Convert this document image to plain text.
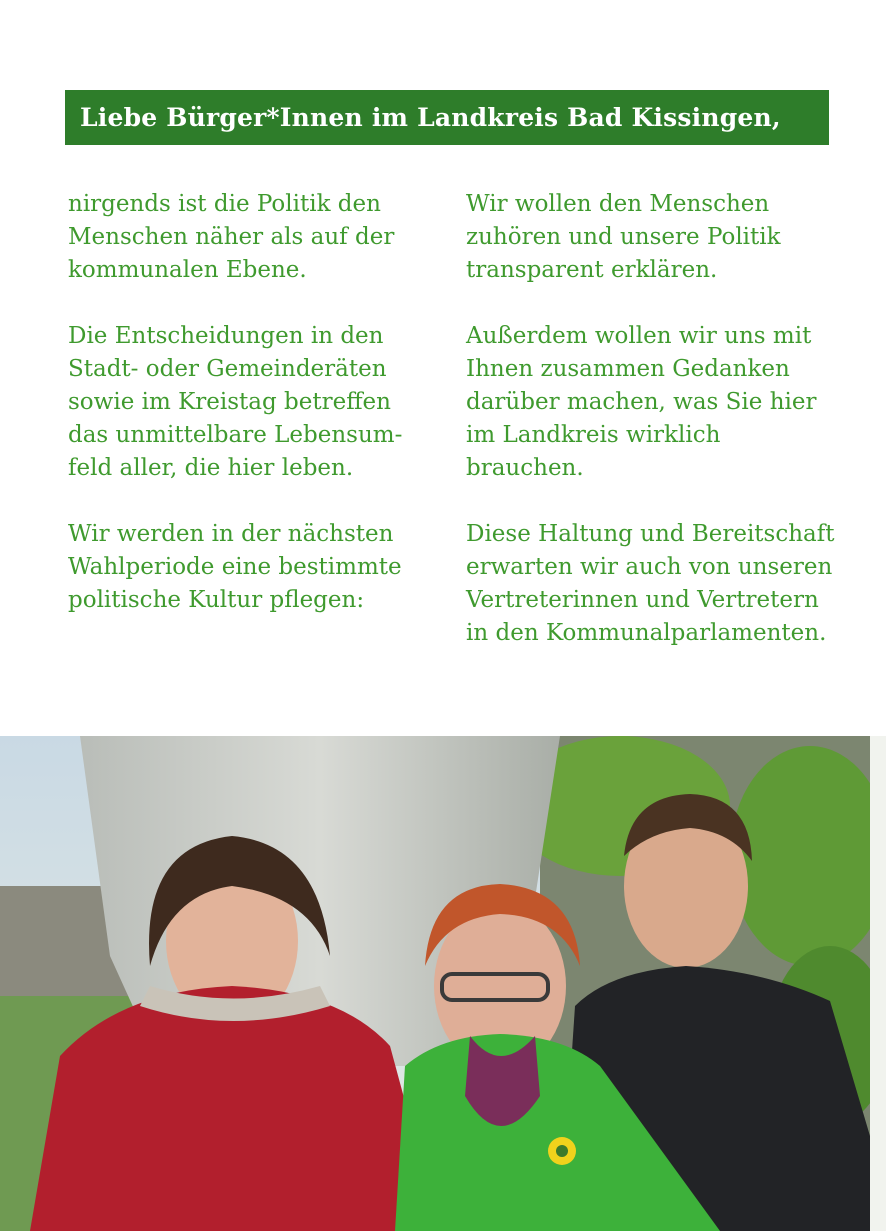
Liebe Bürger*Innen im Landkreis Bad Kissingen,

nirgends ist die Politik den
Menschen näher als auf der
kommunalen Ebene.

Die Entscheidungen in den
Stadt- oder Gemeinderäten
sowie im Kreistag betreffen
das unmittelbare Lebensum-
feld aller, die hier leben.

Wir werden in der nächsten
Wahlperiode eine bestimmte
politische Kultur pflegen:

Wir wollen den Menschen
zuhören und unsere Politik
transparent erklären.

Außerdem wollen wir uns mit
Ihnen zusammen Gedanken
darüber machen, was Sie hier
im Landkreis wirklich
brauchen.

Diese Haltung und Bereitschaft
erwarten wir auch von unseren
Vertreterinnen und Vertretern
in den Kommunalparlamenten.
